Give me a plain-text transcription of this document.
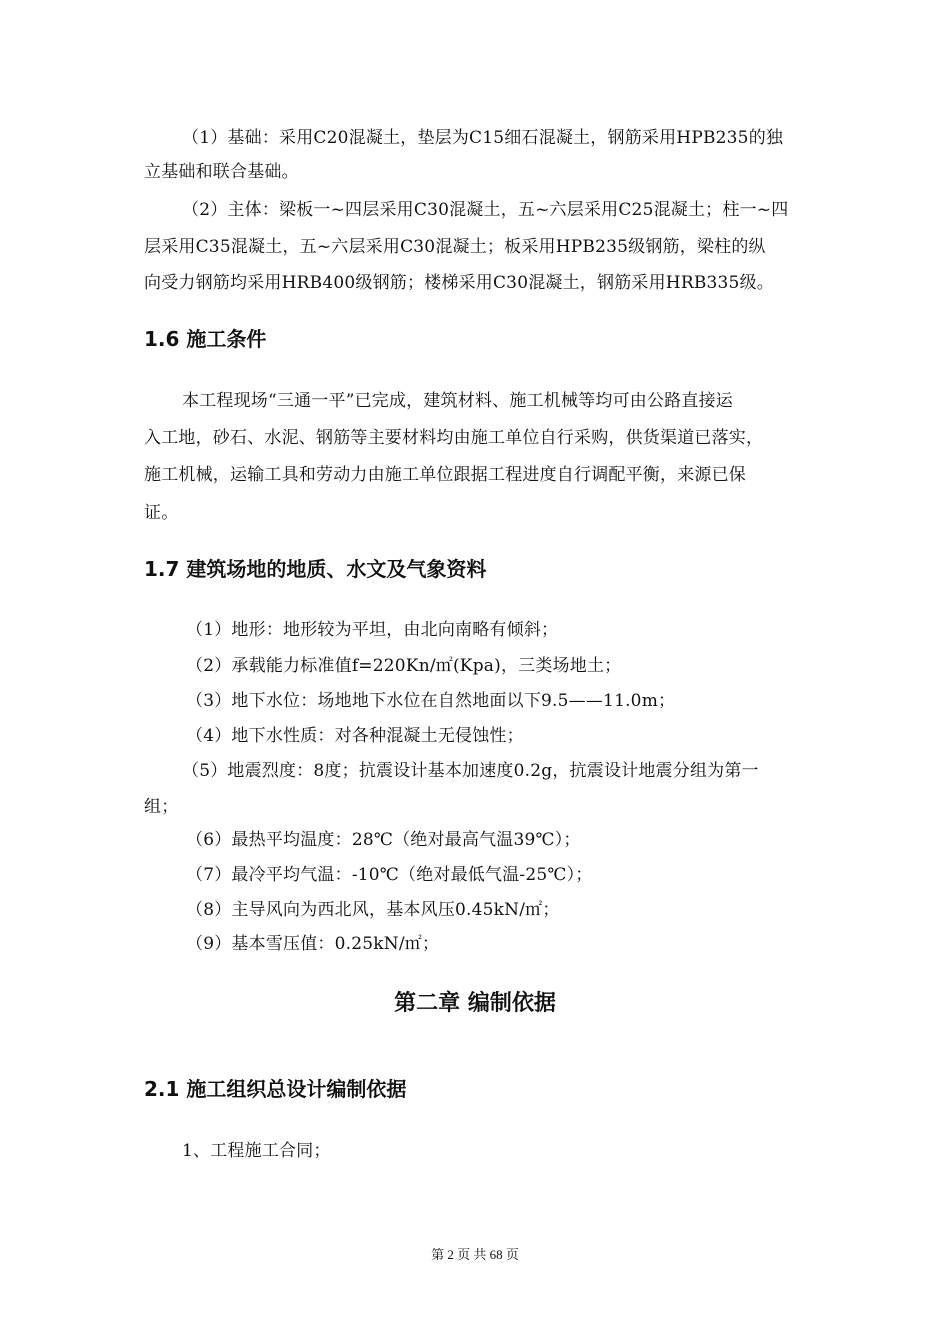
（1）基础：采用C20混凝土，垫层为C15细石混凝土，钢筋采用HPB235的独
立基础和联合基础。
（2）主体：梁板一~四层采用C30混凝土，五~六层采用C25混凝土；柱一~四
层采用C35混凝土，五~六层采用C30混凝土；板采用HPB235级钢筋，梁柱的纵
向受力钢筋均采用HRB400级钢筋；楼梯采用C30混凝土，钢筋采用HRB335级。
1.6 施工条件
本工程现场“三通一平”已完成，建筑材料、施工机械等均可由公路直接运
入工地，砂石、水泥、钢筋等主要材料均由施工单位自行采购，供货渠道已落实，
施工机械，运输工具和劳动力由施工单位跟据工程进度自行调配平衡，来源已保
证。
1.7 建筑场地的地质、水文及气象资料
（1）地形：地形较为平坦，由北向南略有倾斜；
（2）承载能力标准值f=220Kn/㎡(Kpa)，三类场地土；
（3）地下水位：场地地下水位在自然地面以下9.5——11.0m；
（4）地下水性质：对各种混凝土无侵蚀性；
（5）地震烈度：8度；抗震设计基本加速度0.2g，抗震设计地震分组为第一
组；
（6）最热平均温度：28℃（绝对最高气温39℃）；
（7）最冷平均气温：-10℃（绝对最低气温-25℃）；
（8）主导风向为西北风，基本风压0.45kN/㎡；
（9）基本雪压值：0.25kN/㎡；
第二章 编制依据
2.1 施工组织总设计编制依据
1、工程施工合同；
第 2 页 共 68 页
